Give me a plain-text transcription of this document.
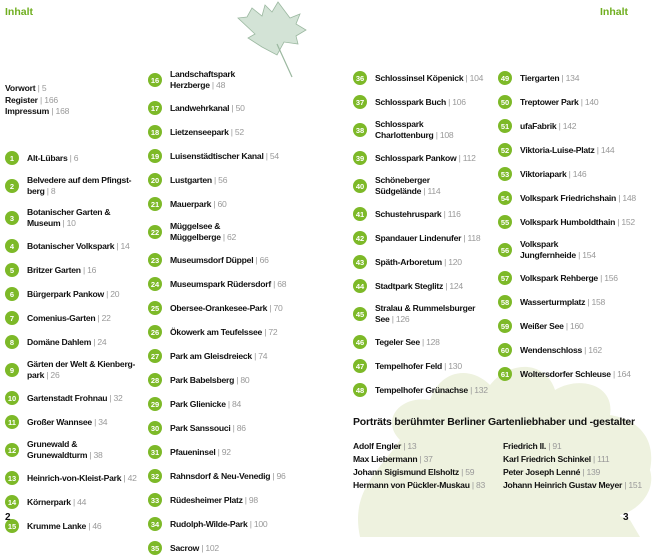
Inhalt	Inhalt
Vorwort | 5
Register | 166
Impressum | 168
1	Alt-Lübars | 6
2
Belvedere auf dem Pfingst-
berg | 8
3
Botanischer Garten &
Museum | 10
4	Botanischer Volkspark | 14
5	Britzer Garten | 16
6	Bürgerpark Pankow | 20
7	Comenius-Garten | 22
8	Domäne Dahlem | 24
9
Gärten der Welt & Kienberg-
park | 26
10	Gartenstadt Frohnau | 32
11	Großer Wannsee | 34
12
Grunewald &
Grunewaldturm | 38
13	Heinrich-von-Kleist-Park | 42
14	Körnerpark | 44
15	Krumme Lanke | 46
16
Landschaftspark
Herzberge | 48
17	Landwehrkanal | 50
18	Lietzenseepark | 52
19	Luisenstädtischer Kanal | 54
20	Lustgarten | 56
21	Mauerpark | 60
22
Müggelsee &
Müggelberge | 62
23	Museumsdorf Düppel | 66
24	Museumspark Rüdersdorf | 68
25	Obersee-Orankesee-Park | 70
26	Ökowerk am Teufelssee | 72
27	Park am Gleisdreieck | 74
28	Park Babelsberg | 80
29	Park Glienicke | 84
30	Park Sanssouci | 86
31	Pfaueninsel | 92
32	Rahnsdorf & Neu-Venedig | 96
33	Rüdesheimer Platz | 98
34	Rudolph-Wilde-Park | 100
35	Sacrow | 102
36	Schlossinsel Köpenick | 104
37	Schlosspark Buch | 106
38
Schlosspark
Charlottenburg | 108
39	Schlosspark Pankow | 112
40
Schöneberger
Südgelände | 114
41	Schustehruspark | 116
42	Spandauer Lindenufer | 118
43	Späth-Arboretum | 120
44	Stadtpark Steglitz | 124
45
Stralau & Rummelsburger
See | 126
46	Tegeler See | 128
47	Tempelhofer Feld | 130
48	Tempelhofer Grünachse | 132
49	Tiergarten | 134
50	Treptower Park | 140
51	ufaFabrik | 142
52	Viktoria-Luise-Platz | 144
53	Viktoriapark | 146
54	Volkspark Friedrichshain | 148
55	Volkspark Humboldthain | 152
56
Volkspark
Jungfernheide | 154
57	Volkspark Rehberge | 156
58	Wasserturmplatz | 158
59	Weißer See | 160
60	Wendenschloss | 162
61	Woltersdorfer Schleuse | 164
Porträts berühmter Berliner Gartenliebhaber und -gestalter
Adolf Engler | 13	Friedrich II. | 91
Max Liebermann | 37	Karl Friedrich Schinkel | 111
Johann Sigismund Elsholtz | 59	Peter Joseph Lenné | 139
Hermann von Pückler-Muskau | 83	Johann Heinrich Gustav Meyer | 151
2	3
